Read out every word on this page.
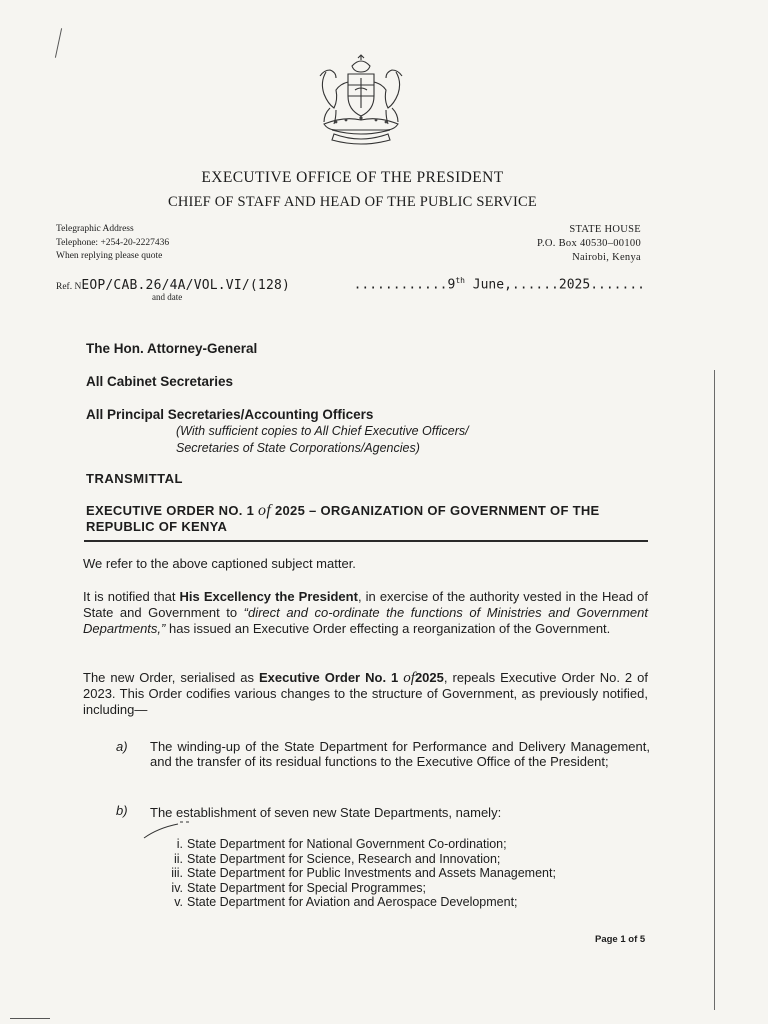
EXECUTIVE OFFICE OF THE PRESIDENT
CHIEF OF STAFF AND HEAD OF THE PUBLIC SERVICE
Telegraphic Address
Telephone: +254-20-2227436
When replying please quote
STATE HOUSE
P.O. Box 40530–00100
Nairobi, Kenya
Ref. NEOP/CAB.26/4A/VOL.VI/(128)
and date
............9th June,......2025.......
The Hon. Attorney-General
All Cabinet Secretaries
All Principal Secretaries/Accounting Officers
(With sufficient copies to All Chief Executive Officers/
Secretaries of State Corporations/Agencies)
TRANSMITTAL
EXECUTIVE ORDER NO. 1 of 2025 – ORGANIZATION OF GOVERNMENT OF THE REPUBLIC OF KENYA
We refer to the above captioned subject matter.
It is notified that His Excellency the President, in exercise of the authority vested in the Head of State and Government to “direct and co-ordinate the functions of Ministries and Government Departments,” has issued an Executive Order effecting a reorganization of the Government.
The new Order, serialised as Executive Order No. 1 of2025, repeals Executive Order No. 2 of 2023. This Order codifies various changes to the structure of Government, as previously notified, including—
a) The winding-up of the State Department for Performance and Delivery Management, and the transfer of its residual functions to the Executive Office of the President;
b) The establishment of seven new State Departments, namely:
i. State Department for National Government Co-ordination;
ii. State Department for Science, Research and Innovation;
iii. State Department for Public Investments and Assets Management;
iv. State Department for Special Programmes;
v. State Department for Aviation and Aerospace Development;
Page 1 of 5
